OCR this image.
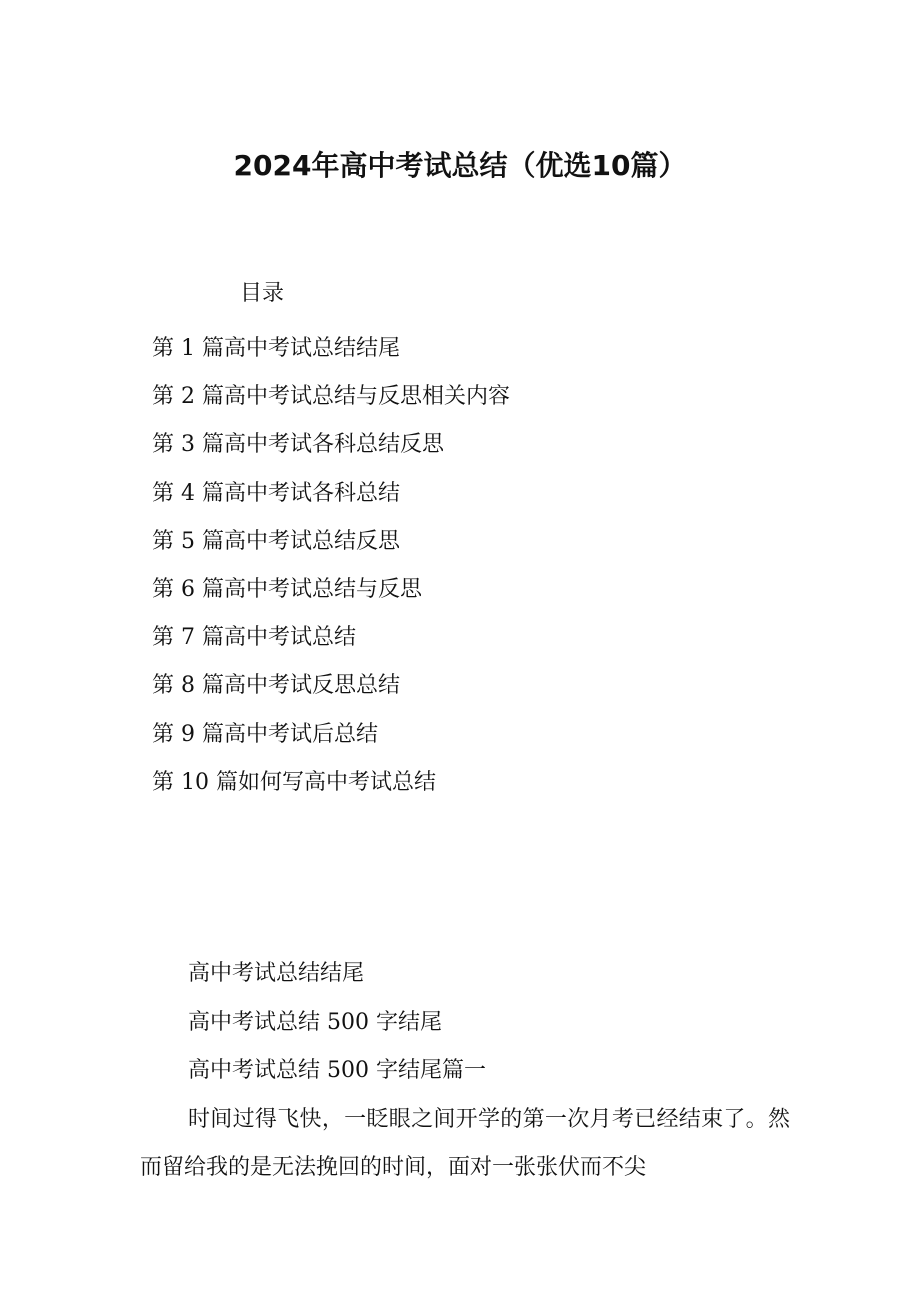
2024年高中考试总结（优选10篇）
目录
第 1 篇高中考试总结结尾
第 2 篇高中考试总结与反思相关内容
第 3 篇高中考试各科总结反思
第 4 篇高中考试各科总结
第 5 篇高中考试总结反思
第 6 篇高中考试总结与反思
第 7 篇高中考试总结
第 8 篇高中考试反思总结
第 9 篇高中考试后总结
第 10 篇如何写高中考试总结

高中考试总结结尾

高中考试总结 500 字结尾

高中考试总结 500 字结尾篇一

时间过得飞快，一眨眼之间开学的第一次月考已经结束了。然而留给我的是无法挽回的时间，面对一张张伏而不尖
